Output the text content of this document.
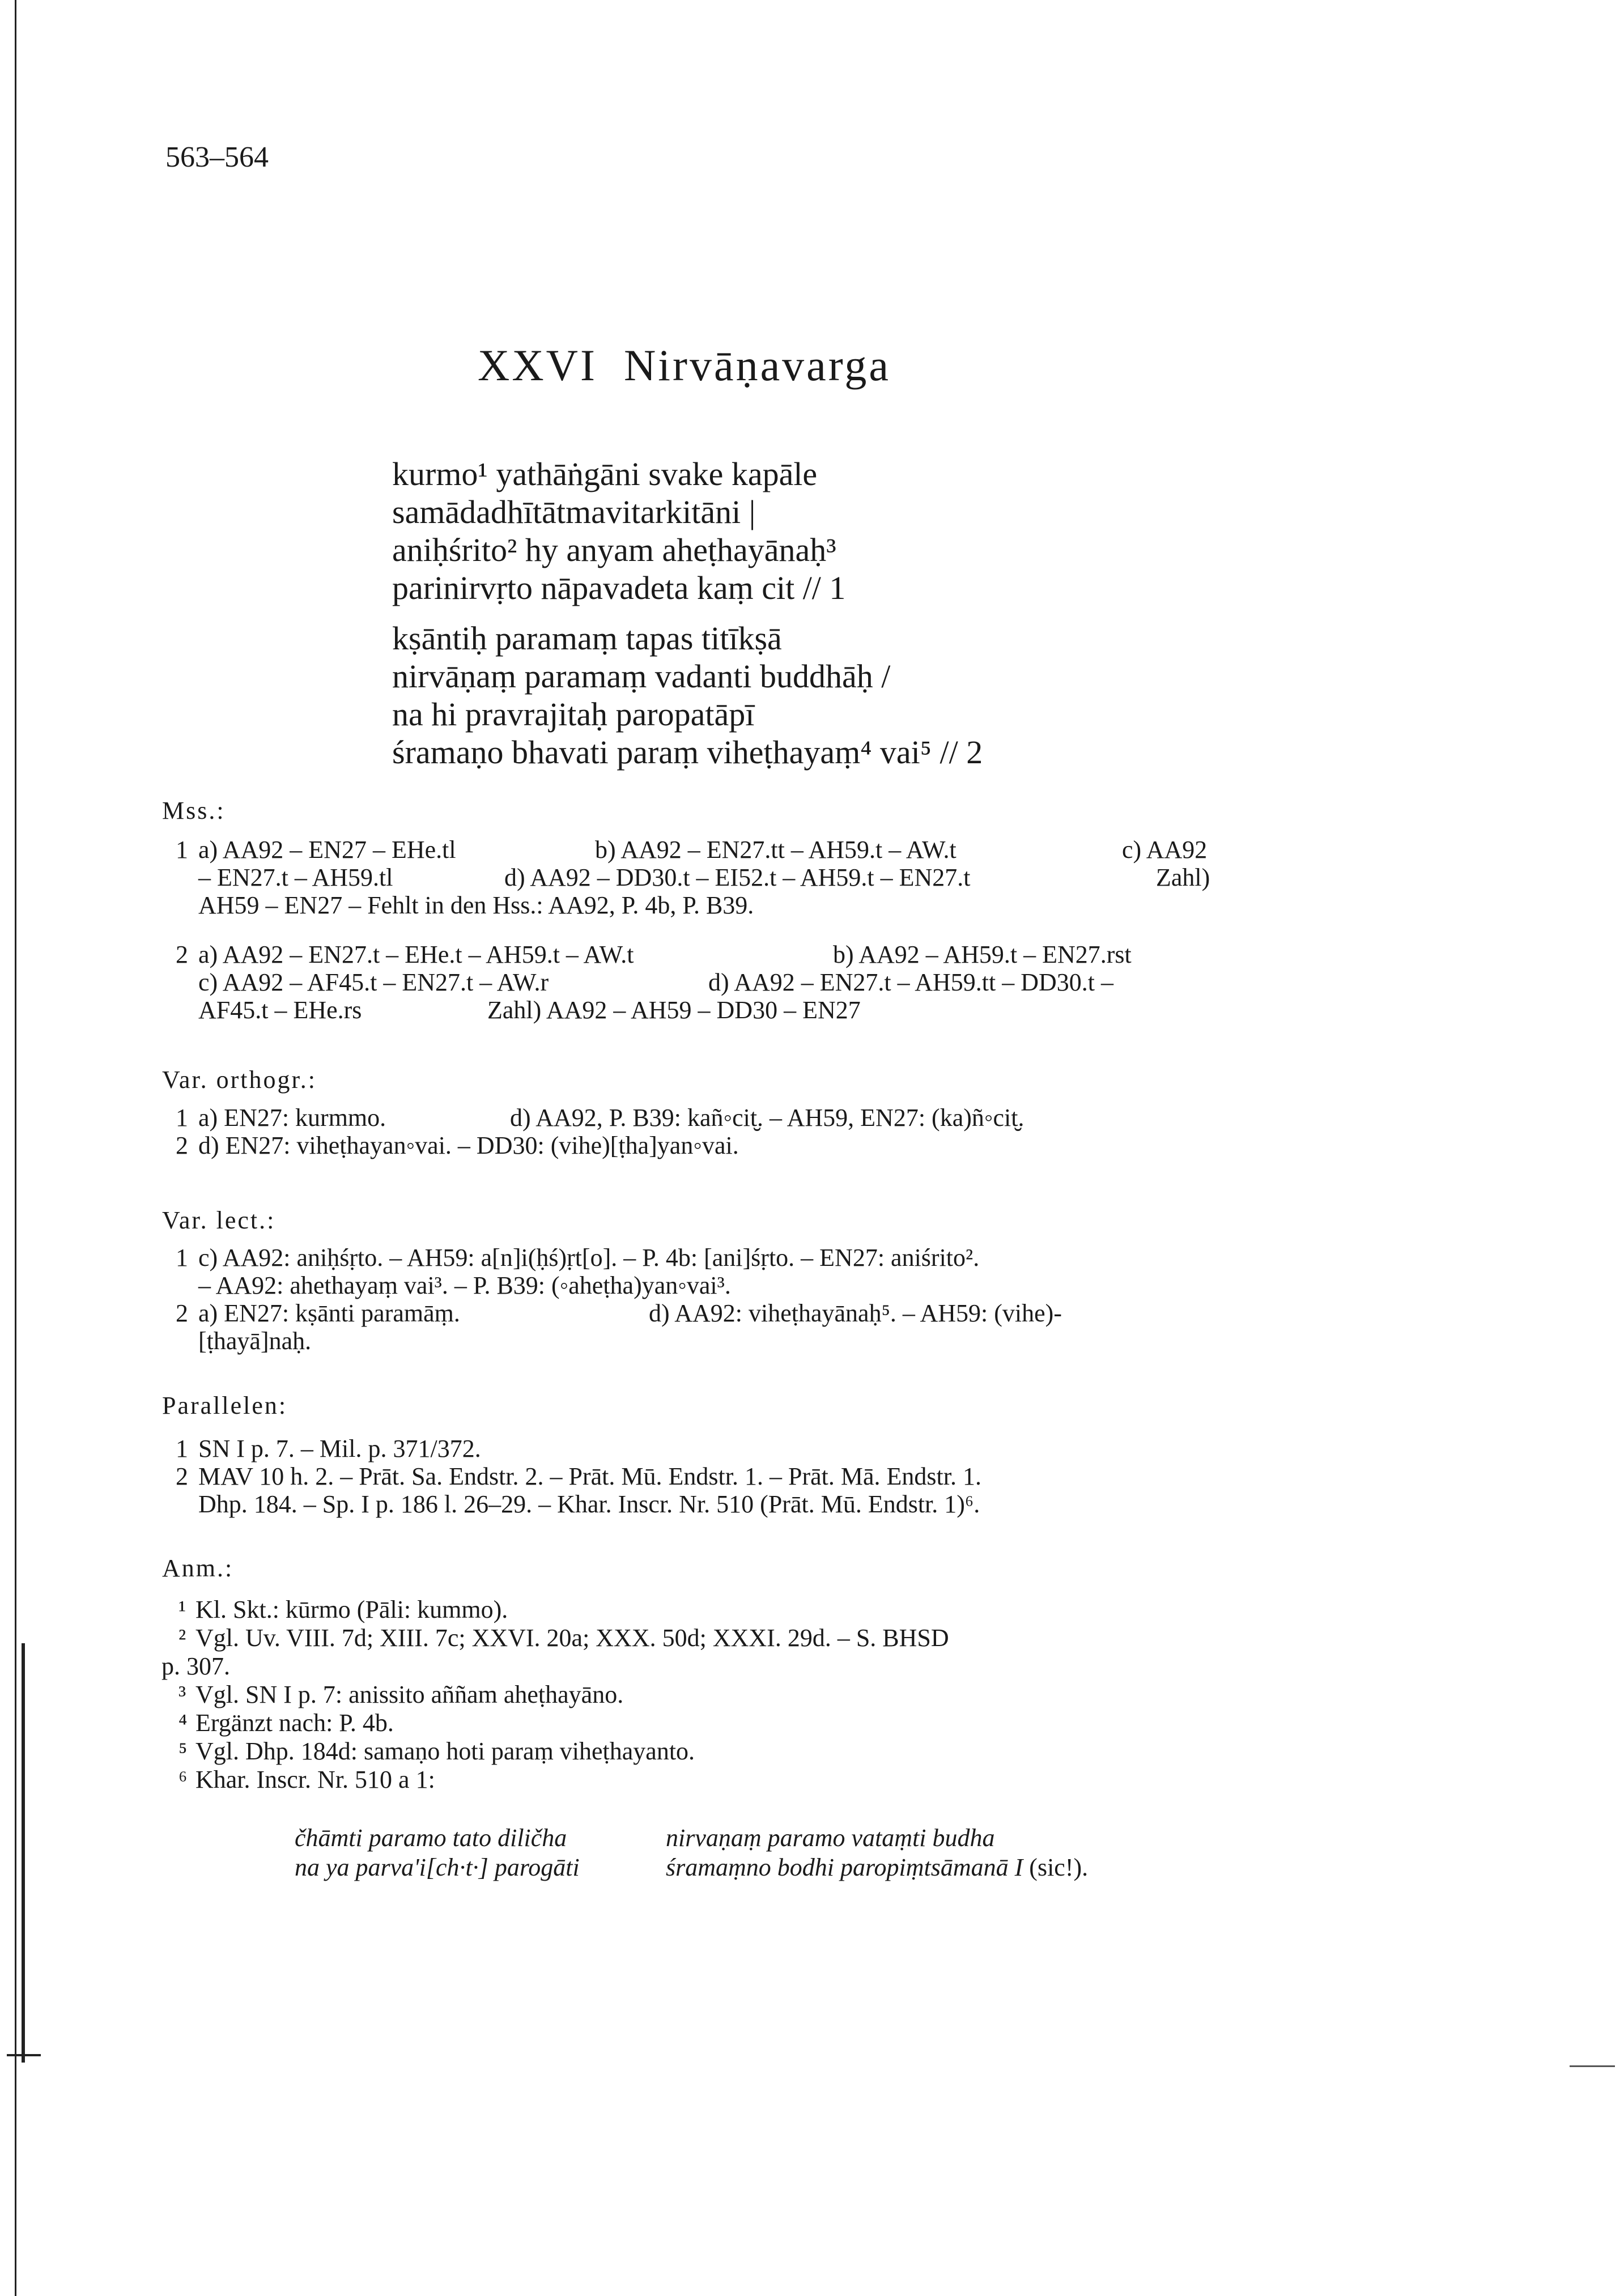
563–564
XXVI Nirvāṇavarga
kurmo¹ yathāṅgāni svake kapāle
samādadhītātmavitarkitāni |
aniḥśrito² hy anyam aheṭhayānaḥ³
parinirvṛto nāpavadeta kaṃ cit // 1
kṣāntiḥ paramaṃ tapas titīkṣā
nirvāṇaṃ paramaṃ vadanti buddhāḥ /
na hi pravrajitaḥ paropatāpī
śramaṇo bhavati paraṃ viheṭhayaṃ⁴ vai⁵ // 2
Mss.:
1 a) AA92 – EN27 – EHe.tl	b) AA92 – EN27.tt – AH59.t – AW.t	c) AA92
– EN27.t – AH59.tl	d) AA92 – DD30.t – EI52.t – AH59.t – EN27.t	Zahl)
AH59 – EN27 – Fehlt in den Hss.: AA92, P. 4b, P. B39.
2 a) AA92 – EN27.t – EHe.t – AH59.t – AW.t	b) AA92 – AH59.t – EN27.rst
c) AA92 – AF45.t – EN27.t – AW.r	d) AA92 – EN27.t – AH59.tt – DD30.t –
AF45.t – EHe.rs	Zahl) AA92 – AH59 – DD30 – EN27
Var. orthogr.:
1 a) EN27: kurmmo.	d) AA92, P. B39: kañ◦cit̮. – AH59, EN27: (ka)ñ◦cit̮.
2 d) EN27: viheṭhayan◦vai. – DD30: (vihe)[ṭha]yan◦vai.
Var. lect.:
1 c) AA92: aniḥśṛto. – AH59: a[n]i(ḥś)ṛt[o]. – P. 4b: [ani]śṛto. – EN27: aniśrito².
– AA92: ahethayaṃ vai³. – P. B39: (◦aheṭha)yan◦vai³.
2 a) EN27: kṣānti paramāṃ.	d) AA92: viheṭhayānaḥ⁵. – AH59: (vihe)-
[ṭhayā]naḥ.
Parallelen:
1 SN I p. 7. – Mil. p. 371/372.
2 MAV 10 h. 2. – Prāt. Sa. Endstr. 2. – Prāt. Mū. Endstr. 1. – Prāt. Mā. Endstr. 1.
Dhp. 184. – Sp. I p. 186 l. 26–29. – Khar. Inscr. Nr. 510 (Prāt. Mū. Endstr. 1)⁶.
Anm.:
¹ Kl. Skt.: kūrmo (Pāli: kummo).
² Vgl. Uv. VIII. 7d; XIII. 7c; XXVI. 20a; XXX. 50d; XXXI. 29d. – S. BHSD
p. 307.
³ Vgl. SN I p. 7: anissito aññam aheṭhayāno.
⁴ Ergänzt nach: P. 4b.
⁵ Vgl. Dhp. 184d: samaṇo hoti paraṃ viheṭhayanto.
⁶ Khar. Inscr. Nr. 510 a 1:
čhāmti paramo tato diličha	nirvaṇaṃ paramo vataṃti budha
na ya parva'i[ch·t·] parogāti	śramaṃno bodhi paropiṃtsāmanā I (sic!).
